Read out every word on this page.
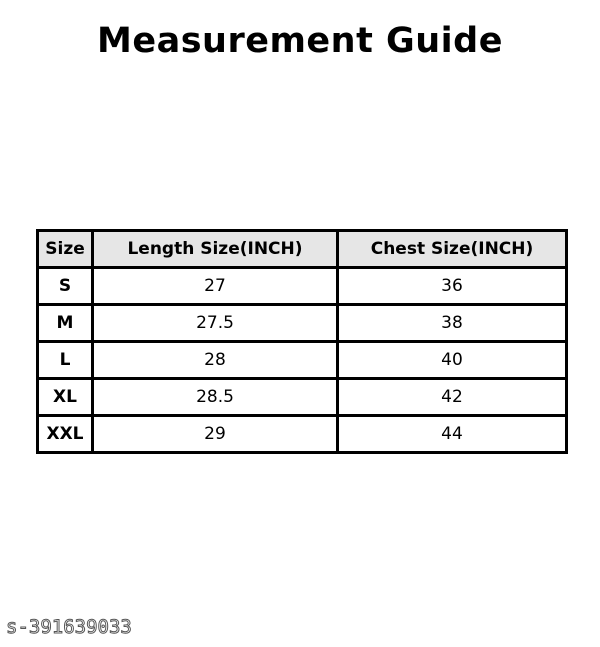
Measurement Guide
Size	Length Size(INCH)	Chest Size(INCH)
S	27	36
M	27.5	38
L	28	40
XL	28.5	42
XXL	29	44
s-391639033
